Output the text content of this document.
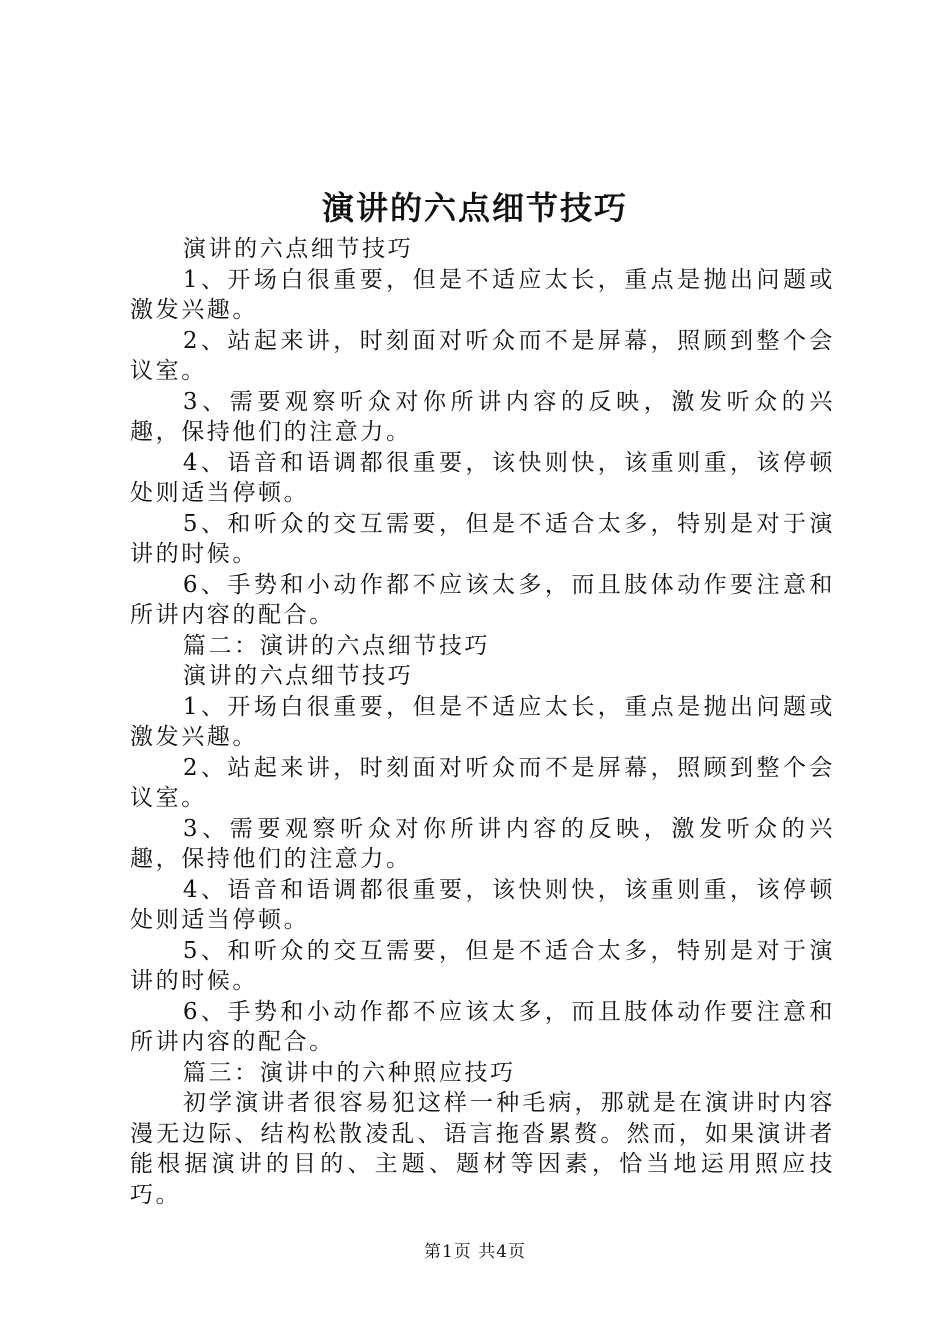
演讲的六点细节技巧

演讲的六点细节技巧

1、开场白很重要，但是不适应太长，重点是抛出问题或激发兴趣。

2、站起来讲，时刻面对听众而不是屏幕，照顾到整个会议室。

3、需要观察听众对你所讲内容的反映，激发听众的兴趣，保持他们的注意力。

4、语音和语调都很重要，该快则快，该重则重，该停顿处则适当停顿。

5、和听众的交互需要，但是不适合太多，特别是对于演讲的时候。

6、手势和小动作都不应该太多，而且肢体动作要注意和所讲内容的配合。

篇二：演讲的六点细节技巧

演讲的六点细节技巧

1、开场白很重要，但是不适应太长，重点是抛出问题或激发兴趣。

2、站起来讲，时刻面对听众而不是屏幕，照顾到整个会议室。

3、需要观察听众对你所讲内容的反映，激发听众的兴趣，保持他们的注意力。

4、语音和语调都很重要，该快则快，该重则重，该停顿处则适当停顿。

5、和听众的交互需要，但是不适合太多，特别是对于演讲的时候。

6、手势和小动作都不应该太多，而且肢体动作要注意和所讲内容的配合。

篇三：演讲中的六种照应技巧

初学演讲者很容易犯这样一种毛病，那就是在演讲时内容漫无边际、结构松散凌乱、语言拖沓累赘。然而，如果演讲者能根据演讲的目的、主题、题材等因素，恰当地运用照应技巧。

第1页 共4页
